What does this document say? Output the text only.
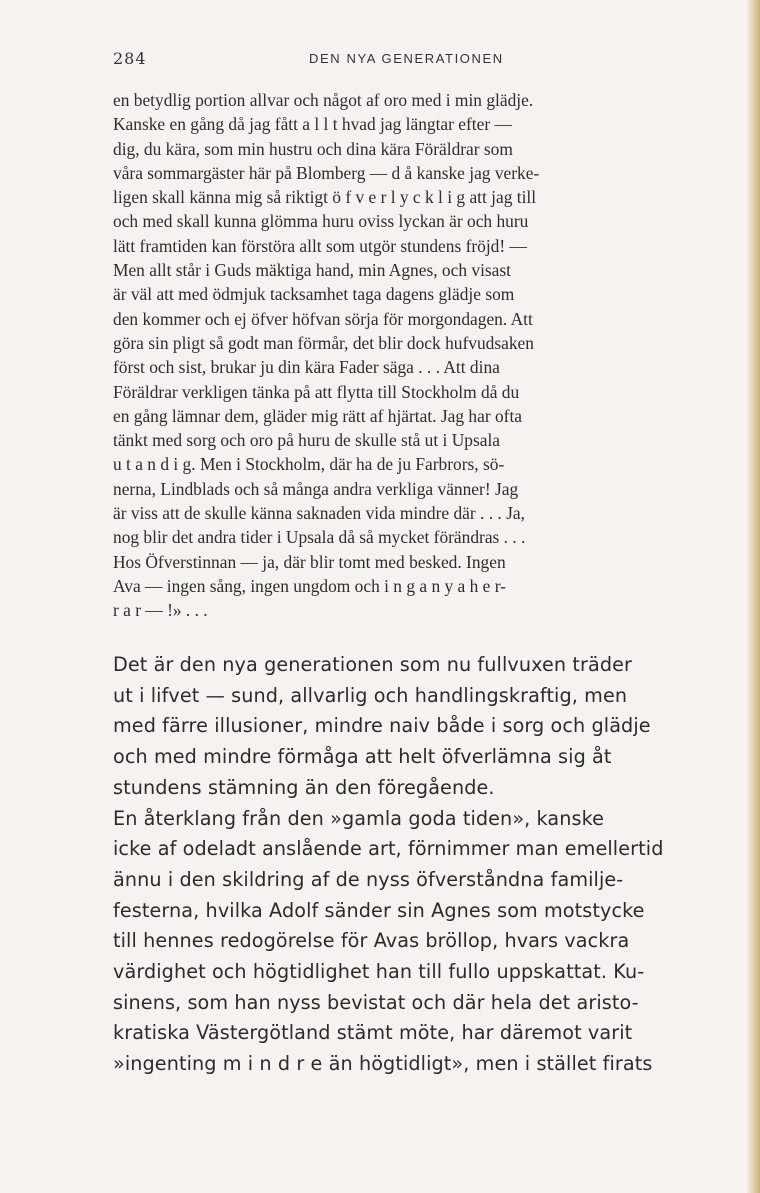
284	DEN NYA GENERATIONEN
en betydlig portion allvar och något af oro med i min glädje.
Kanske en gång då jag fått a l l t hvad jag längtar efter —
dig, du kära, som min hustru och dina kära Föräldrar som
våra sommargäster här på Blomberg — d å kanske jag verke-
ligen skall känna mig så riktigt ö f v e r l y c k l i g att jag till
och med skall kunna glömma huru oviss lyckan är och huru
lätt framtiden kan förstöra allt som utgör stundens fröjd! —
Men allt står i Guds mäktiga hand, min Agnes, och visast
är väl att med ödmjuk tacksamhet taga dagens glädje som
den kommer och ej öfver höfvan sörja för morgondagen. Att
göra sin pligt så godt man förmår, det blir dock hufvudsaken
först och sist, brukar ju din kära Fader säga . . . Att dina
Föräldrar verkligen tänka på att flytta till Stockholm då du
en gång lämnar dem, gläder mig rätt af hjärtat. Jag har ofta
tänkt med sorg och oro på huru de skulle stå ut i Upsala
u t a n d i g. Men i Stockholm, där ha de ju Farbrors, sö-
nerna, Lindblads och så många andra verkliga vänner! Jag
är viss att de skulle känna saknaden vida mindre där . . . Ja,
nog blir det andra tider i Upsala då så mycket förändras . . .
Hos Öfverstinnan — ja, där blir tomt med besked. Ingen
Ava — ingen sång, ingen ungdom och i n g a n y a h e r-
r a r — !» . . .
Det är den nya generationen som nu fullvuxen träder
ut i lifvet — sund, allvarlig och handlingskraftig, men
med färre illusioner, mindre naiv både i sorg och glädje
och med mindre förmåga att helt öfverlämna sig åt
stundens stämning än den föregående.
En återklang från den »gamla goda tiden», kanske
icke af odeladt anslående art, förnimmer man emellertid
ännu i den skildring af de nyss öfverståndna familje-
festerna, hvilka Adolf sänder sin Agnes som motstycke
till hennes redogörelse för Avas bröllop, hvars vackra
värdighet och högtidlighet han till fullo uppskattat. Ku-
sinens, som han nyss bevistat och där hela det aristo-
kratiska Västergötland stämt möte, har däremot varit
»ingenting m i n d r e än högtidligt», men i stället firats
